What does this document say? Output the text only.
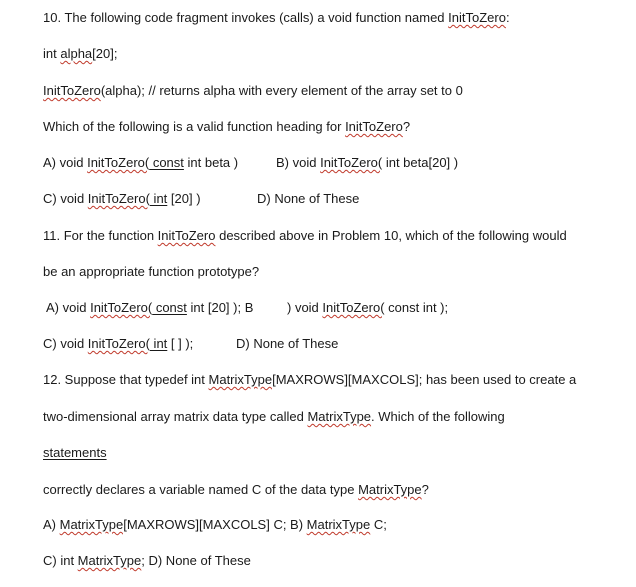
10. The following code fragment invokes (calls) a void function named InitToZero:
int alpha[20];
InitToZero(alpha); // returns alpha with every element of the array set to 0
Which of the following is a valid function heading for InitToZero?
A) void InitToZero( const int beta )	B) void InitToZero( int beta[20] )
C) void InitToZero( int [20] )	D) None of These
11. For the function InitToZero described above in Problem 10, which of the following would
be an appropriate function prototype?
A) void InitToZero( const int [20] ); B	) void InitToZero( const int );
C) void InitToZero( int [ ] );	D) None of These
12. Suppose that typedef int MatrixType[MAXROWS][MAXCOLS]; has been used to create a
two-dimensional array matrix data type called MatrixType. Which of the following
statements
correctly declares a variable named C of the data type MatrixType?
A) MatrixType[MAXROWS][MAXCOLS] C; B) MatrixType C;
C) int MatrixType; D) None of These
